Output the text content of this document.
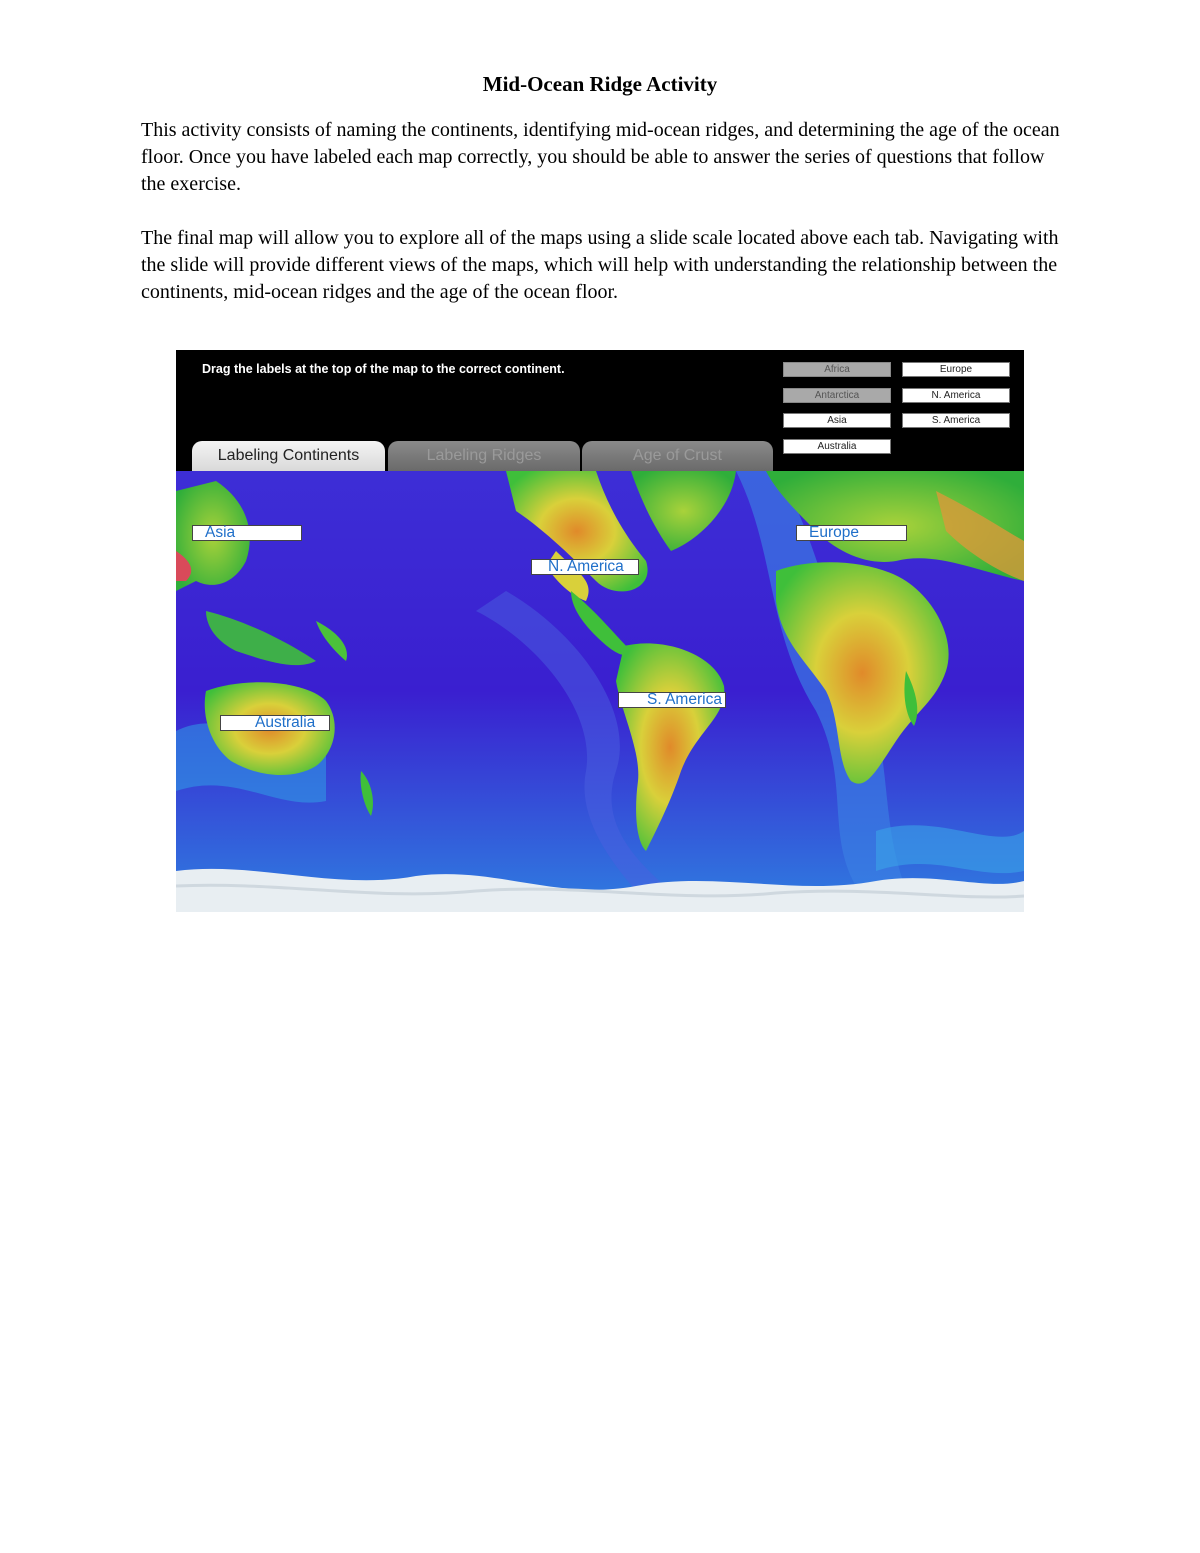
Mid-Ocean Ridge Activity

This activity consists of naming the continents, identifying mid-ocean ridges, and determining the age of the ocean floor. Once you have labeled each map correctly, you should be able to answer the series of questions that follow the exercise.

The final map will allow you to explore all of the maps using a slide scale located above each tab. Navigating with the slide will provide different views of the maps, which will help with understanding the relationship between the continents, mid-ocean ridges and the age of the ocean floor.

Drag the labels at the top of the map to the correct continent.	Africa
Antarctica
Asia
Australia
Europe
N. America
S. America
Labeling Continents	Labeling Ridges	Age of Crust
Asia
N. America
Europe
S. America
Australia
